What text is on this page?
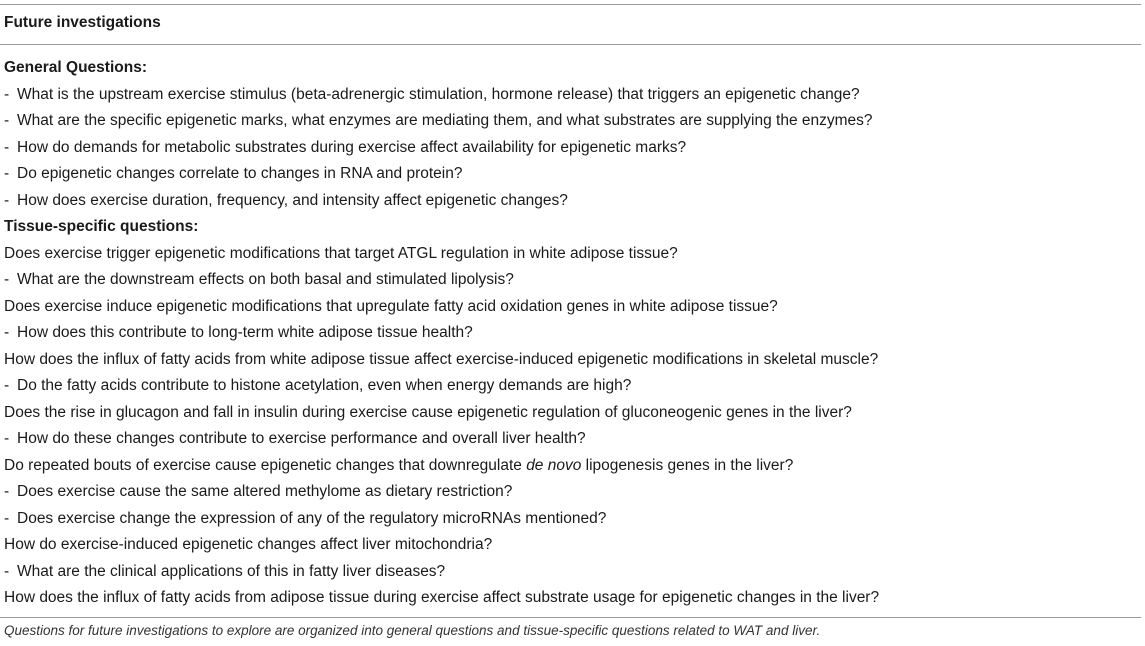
Future investigations
General Questions:
- What is the upstream exercise stimulus (beta-adrenergic stimulation, hormone release) that triggers an epigenetic change?
- What are the specific epigenetic marks, what enzymes are mediating them, and what substrates are supplying the enzymes?
- How do demands for metabolic substrates during exercise affect availability for epigenetic marks?
- Do epigenetic changes correlate to changes in RNA and protein?
- How does exercise duration, frequency, and intensity affect epigenetic changes?
Tissue-specific questions:
Does exercise trigger epigenetic modifications that target ATGL regulation in white adipose tissue?
- What are the downstream effects on both basal and stimulated lipolysis?
Does exercise induce epigenetic modifications that upregulate fatty acid oxidation genes in white adipose tissue?
- How does this contribute to long-term white adipose tissue health?
How does the influx of fatty acids from white adipose tissue affect exercise-induced epigenetic modifications in skeletal muscle?
- Do the fatty acids contribute to histone acetylation, even when energy demands are high?
Does the rise in glucagon and fall in insulin during exercise cause epigenetic regulation of gluconeogenic genes in the liver?
- How do these changes contribute to exercise performance and overall liver health?
Do repeated bouts of exercise cause epigenetic changes that downregulate de novo lipogenesis genes in the liver?
- Does exercise cause the same altered methylome as dietary restriction?
- Does exercise change the expression of any of the regulatory microRNAs mentioned?
How do exercise-induced epigenetic changes affect liver mitochondria?
- What are the clinical applications of this in fatty liver diseases?
How does the influx of fatty acids from adipose tissue during exercise affect substrate usage for epigenetic changes in the liver?
Questions for future investigations to explore are organized into general questions and tissue-specific questions related to WAT and liver.
